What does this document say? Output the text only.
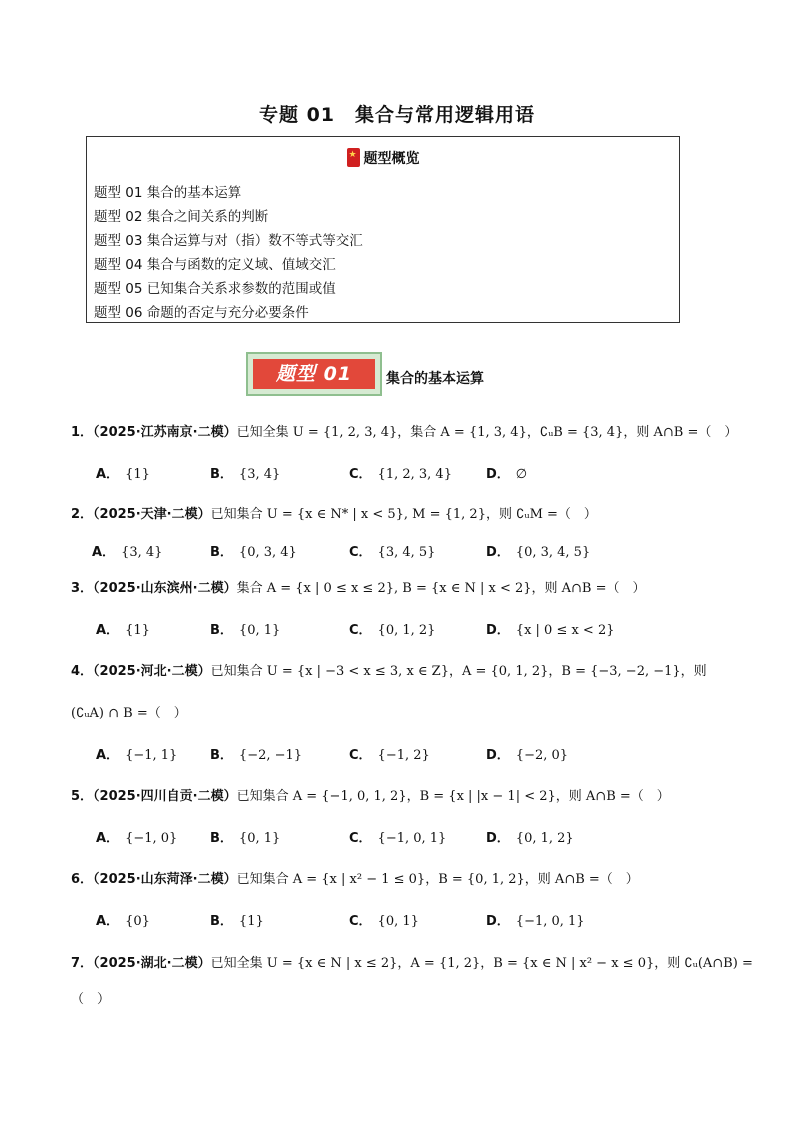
专题 01　集合与常用逻辑用语
★题型概览
题型 01 集合的基本运算
题型 02 集合之间关系的判断
题型 03 集合运算与对（指）数不等式等交汇
题型 04 集合与函数的定义域、值域交汇
题型 05 已知集合关系求参数的范围或值
题型 06 命题的否定与充分必要条件
题型 01	集合的基本运算
1．（2025·江苏南京·二模）已知全集 U = {1, 2, 3, 4}，集合 A = {1, 3, 4}，∁ᵤB = {3, 4}，则 A∩B =（　）
A． {1}	B． {3, 4}	C． {1, 2, 3, 4}	D． ∅
2．（2025·天津·二模）已知集合 U = {x ∈ N* | x < 5}, M = {1, 2}，则 ∁ᵤM =（　）
A． {3, 4}	B． {0, 3, 4}	C． {3, 4, 5}	D． {0, 3, 4, 5}
3．（2025·山东滨州·二模）集合 A = {x | 0 ≤ x ≤ 2}, B = {x ∈ N | x < 2}，则 A∩B =（　）
A． {1}	B． {0, 1}	C． {0, 1, 2}	D． {x | 0 ≤ x < 2}
4．（2025·河北·二模）已知集合 U = {x | −3 < x ≤ 3, x ∈ Z}，A = {0, 1, 2}，B = {−3, −2, −1}，则
(∁ᵤA) ∩ B =（　）
A． {−1, 1}	B． {−2, −1}	C． {−1, 2}	D． {−2, 0}
5．（2025·四川自贡·二模）已知集合 A = {−1, 0, 1, 2}，B = {x | |x − 1| < 2}，则 A∩B =（　）
A． {−1, 0}	B． {0, 1}	C． {−1, 0, 1}	D． {0, 1, 2}
6．（2025·山东菏泽·二模）已知集合 A = {x | x² − 1 ≤ 0}，B = {0, 1, 2}，则 A∩B =（　）
A． {0}	B． {1}	C． {0, 1}	D． {−1, 0, 1}
7．（2025·湖北·二模）已知全集 U = {x ∈ N | x ≤ 2}，A = {1, 2}，B = {x ∈ N | x² − x ≤ 0}，则 ∁ᵤ(A∩B) =
（　）
